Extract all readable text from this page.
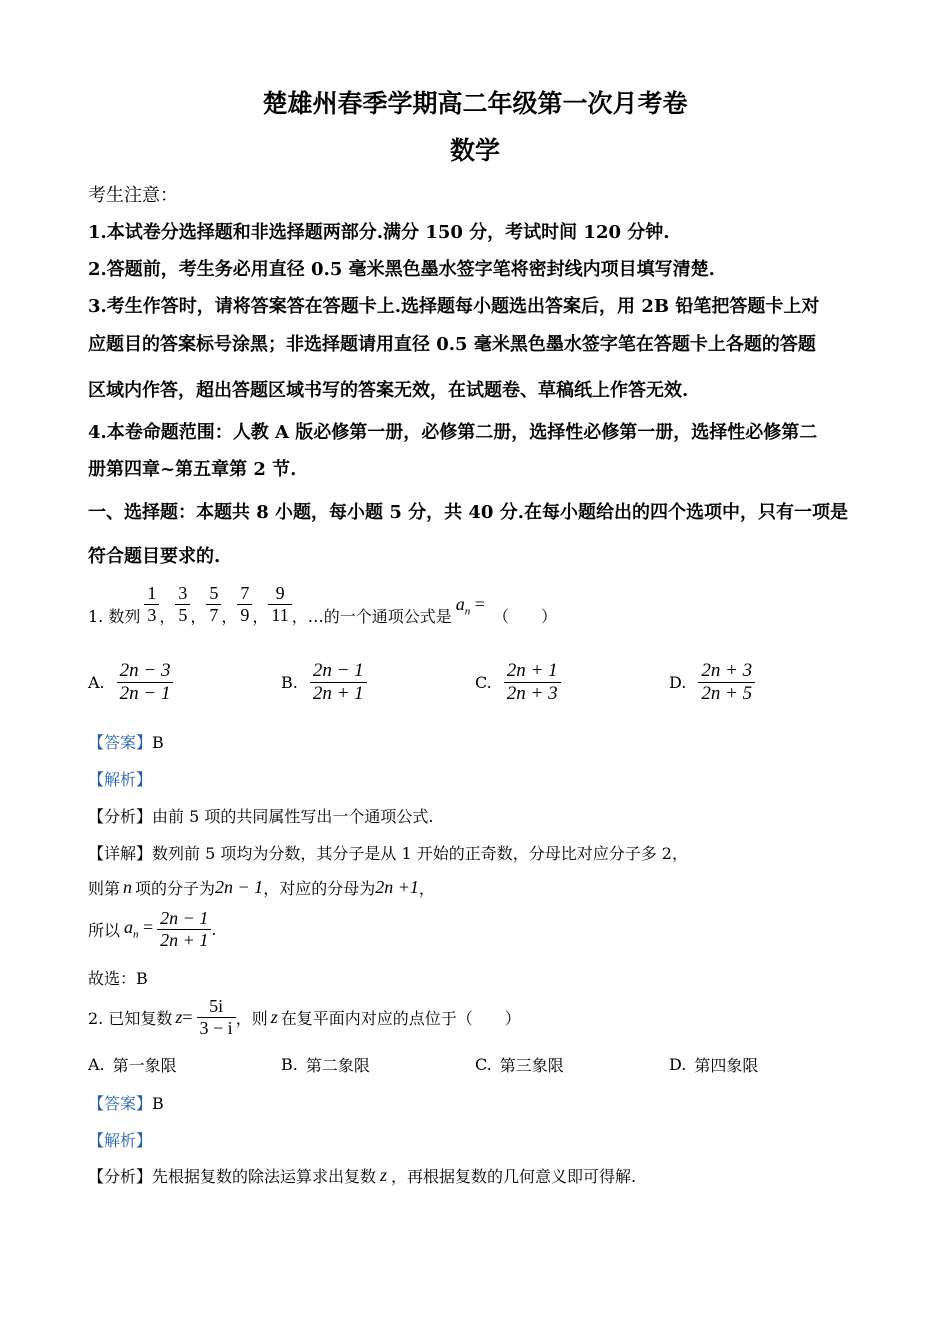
楚雄州春季学期高二年级第一次月考卷
数学
考生注意：
1.本试卷分选择题和非选择题两部分.满分 150 分，考试时间 120 分钟.
2.答题前，考生务必用直径 0.5 毫米黑色墨水签字笔将密封线内项目填写清楚.
3.考生作答时，请将答案答在答题卡上.选择题每小题选出答案后，用 2B 铅笔把答题卡上对
应题目的答案标号涂黑；非选择题请用直径 0.5 毫米黑色墨水签字笔在答题卡上各题的答题
区域内作答，超出答题区域书写的答案无效，在试题卷、草稿纸上作答无效.
4.本卷命题范围：人教 A 版必修第一册，必修第二册，选择性必修第一册，选择性必修第二
册第四章~第五章第 2 节.
一、选择题：本题共 8 小题，每小题 5 分，共 40 分.在每小题给出的四个选项中，只有一项是
符合题目要求的.
1. 数列 $\frac{1}{3}$ ， $\frac{3}{5}$ ， $\frac{5}{7}$ ， $\frac{7}{9}$ ， $\frac{9}{11}$ ，…的一个通项公式是
$a_n$ =
（　　）
A. $\frac{2n - 3}{2n - 1}$	B. $\frac{2n - 1}{2n + 1}$	C. $\frac{2n + 1}{2n + 3}$	D. $\frac{2n + 3}{2n + 5}$
【答案】B
【解析】
【分析】由前 5 项的共同属性写出一个通项公式.
【详解】数列前 5 项均为分数，其分子是从 1 开始的正奇数，分母比对应分子多 2，
则第 n 项的分子为 2n − 1 ，对应的分母为 2n +1 ，
所以 $a_n = \frac{2n - 1}{2n + 1}$ .
故选：B
2. 已知复数 $z = \frac{5i}{3 - i}$ ，则 z 在复平面内对应的点位于（　　）
A. 第一象限	B. 第二象限	C. 第三象限	D. 第四象限
【答案】B
【解析】
【分析】 先根据复数的除法运算求出复数 z ，再根据复数的几何意义即可得解.
